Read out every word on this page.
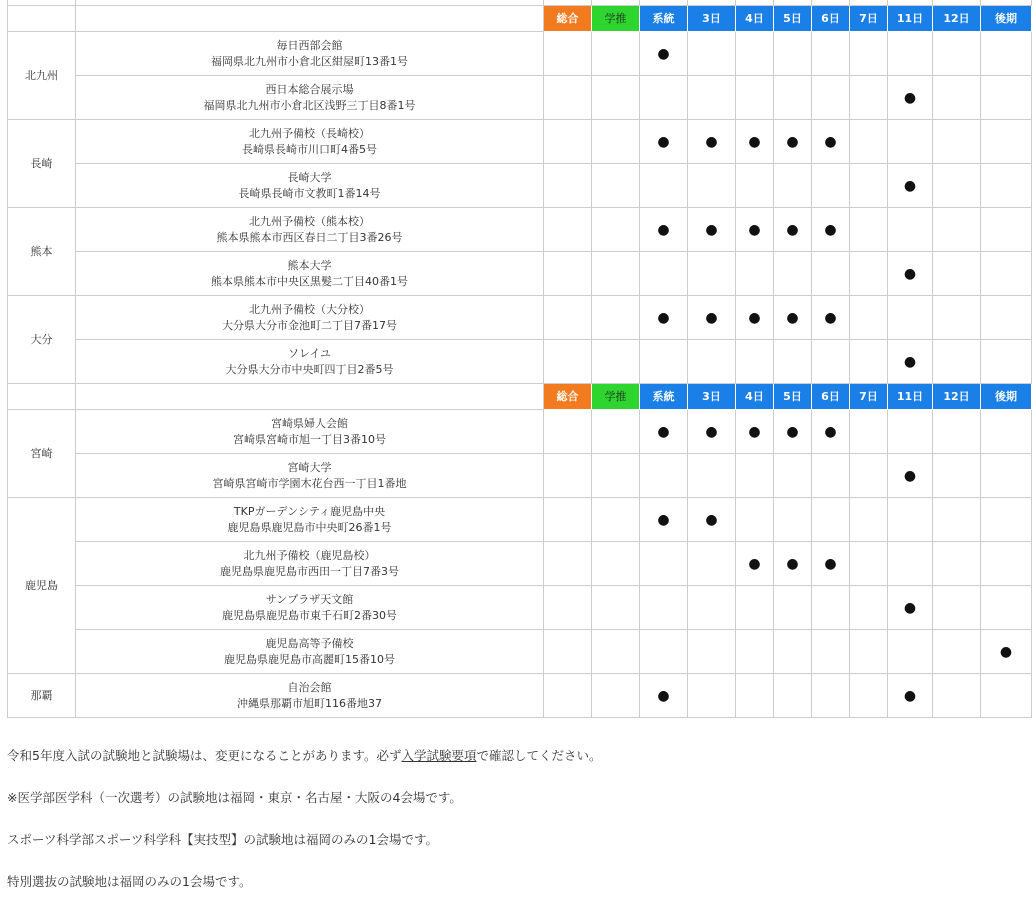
		総合	学推	系統	3日	4日	5日	6日	7日	11日	12日	後期
北九州	毎日西部会館
福岡県北九州市小倉北区紺屋町13番1号			●								

	西日本総合展示場
福岡県北九州市小倉北区浅野三丁目8番1号									●		
長崎	北九州予備校（長崎校）
長崎県長崎市川口町4番5号			●	●	●	●	●				

	長崎大学
長崎県長崎市文教町1番14号									●		
熊本	北九州予備校（熊本校）
熊本県熊本市西区春日二丁目3番26号			●	●	●	●	●				

	熊本大学
熊本県熊本市中央区黒髪二丁目40番1号									●		
大分	北九州予備校（大分校）
大分県大分市金池町二丁目7番17号			●	●	●	●	●				

	ソレイユ
大分県大分市中央町四丁目2番5号									●		
		総合	学推	系統	3日	4日	5日	6日	7日	11日	12日	後期
宮崎	宮崎県婦人会館
宮崎県宮崎市旭一丁目3番10号			●	●	●	●	●				

	宮崎大学
宮崎県宮崎市学園木花台西一丁目1番地									●		
鹿児島	TKPガーデンシティ鹿児島中央
鹿児島県鹿児島市中央町26番1号			●	●							

	北九州予備校（鹿児島校）
鹿児島県鹿児島市西田一丁目7番3号					●	●	●				

	サンプラザ天文館
鹿児島県鹿児島市東千石町2番30号									●		

	鹿児島高等予備校
鹿児島県鹿児島市高麗町15番10号											●
那覇	自治会館
沖縄県那覇市旭町116番地37			●						●		

令和5年度入試の試験地と試験場は、変更になることがあります。必ず入学試験要項で確認してください。

※医学部医学科（一次選考）の試験地は福岡・東京・名古屋・大阪の4会場です。

スポーツ科学部スポーツ科学科【実技型】の試験地は福岡のみの1会場です。

特別選抜の試験地は福岡のみの1会場です。
